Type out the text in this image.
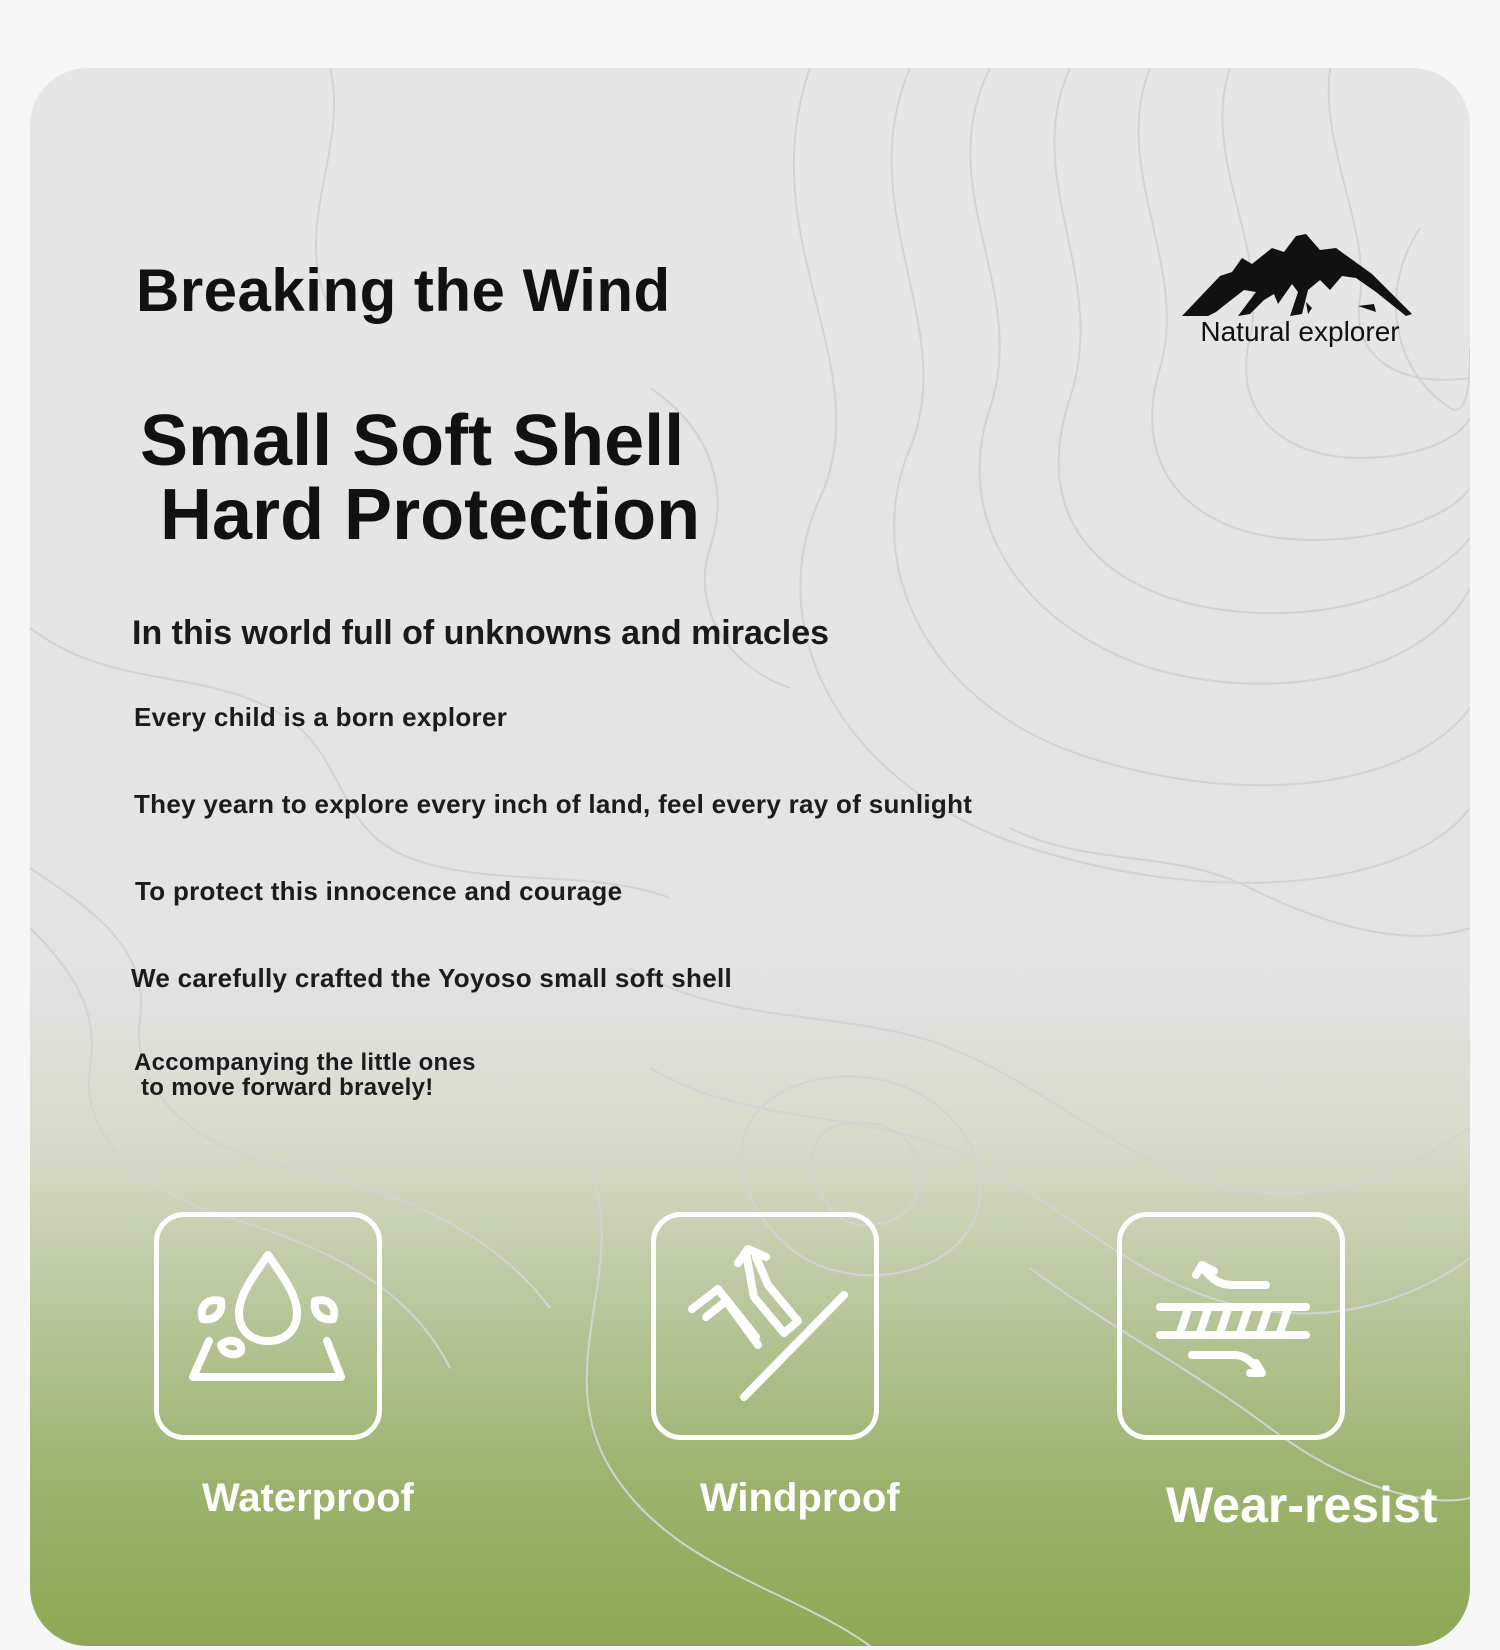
Breaking the Wind
Small Soft Shell
Hard Protection
In this world full of unknowns and miracles
Every child is a born explorer
They yearn to explore every inch of land, feel every ray of sunlight
To protect this innocence and courage
We carefully crafted the Yoyoso small soft shell
Accompanying the little ones
to move forward bravely!
Natural explorer
Waterproof	Windproof	Wear-resist
